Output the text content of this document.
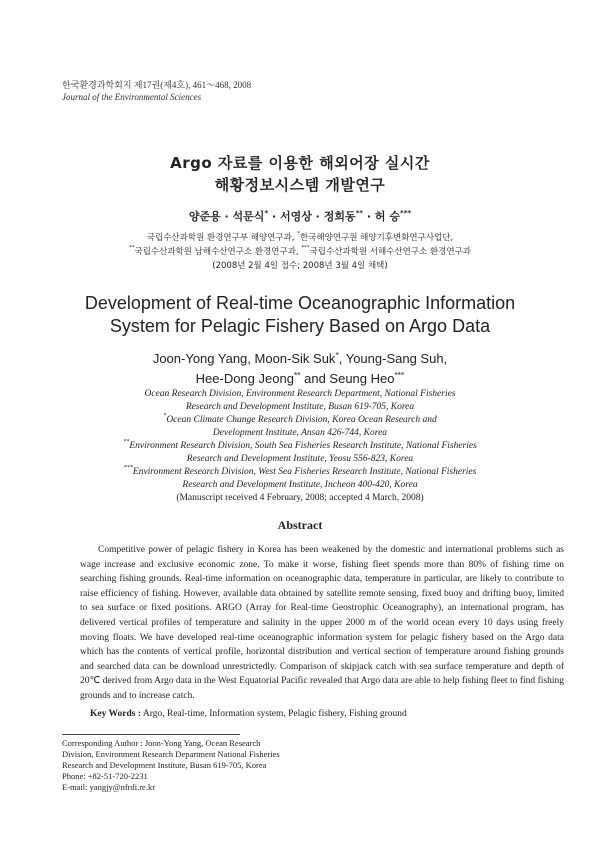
한국환경과학회지 제17권(제4호), 461～468, 2008
Journal of the Environmental Sciences
Argo 자료를 이용한 해외어장 실시간
해황정보시스템 개발연구
양준용 · 석문식* · 서영상 · 정희동** · 허 승***
국립수산과학원 환경연구부 해양연구과, *한국해양연구원 해양기후변화연구사업단,
**국립수산과학원 남해수산연구소 환경연구과, ***국립수산과학원 서해수산연구소 환경연구과
(2008년 2월 4일 접수; 2008년 3월 4일 채택)
Development of Real-time Oceanographic Information
System for Pelagic Fishery Based on Argo Data
Joon-Yong Yang, Moon-Sik Suk*, Young-Sang Suh,
Hee-Dong Jeong** and Seung Heo***
Ocean Research Division, Environment Research Department, National Fisheries
Research and Development Institute, Busan 619-705, Korea
*Ocean Climate Change Research Division, Korea Ocean Research and
Development Institute, Ansan 426-744, Korea
**Environment Research Division, South Sea Fisheries Research Institute, National Fisheries
Research and Development Institute, Yeosu 556-823, Korea
***Environment Research Division, West Sea Fisheries Research Institute, National Fisheries
(Manuscript received 4 February, 2008; accepted 4 March, 2008)
Abstract
Competitive power of pelagic fishery in Korea has been weakened by the domestic and international problems such as wage increase and exclusive economic zone. To make it worse, fishing fleet spends more than 80% of fishing time on searching fishing grounds. Real-time information on oceanographic data, temperature in particular, are likely to contribute to raise efficiency of fishing. However, available data obtained by satellite remote sensing, fixed buoy and drifting buoy, limited to sea surface or fixed positions. ARGO (Array for Real-time Geostrophic Oceanography), an international program, has delivered vertical profiles of temperature and salinity in the upper 2000 m of the world ocean every 10 days using freely moving floats. We have developed real-time oceanographic information system for pelagic fishery based on the Argo data which has the contents of vertical profile, horizontal distribution and vertical section of temperature around fishing grounds and searched data can be download unrestrictedly. Comparison of skipjack catch with sea surface temperature and depth of 20℃ derived from Argo data in the West Equatorial Pacific revealed that Argo data are able to help fishing fleet to find fishing grounds and to increase catch.
Key Words : Argo, Real-time, Information system, Pelagic fishery, Fishing ground
Corresponding Author : Joon-Yong Yang, Ocean Research
Division, Environment Research Department National Fisheries
Research and Development Institute, Busan 619-705, Korea
Phone: +82-51-720-2231
E-mail: yangjy@nfrdi.re.kr
Research and Development Institute, Incheon 400-420, Korea
